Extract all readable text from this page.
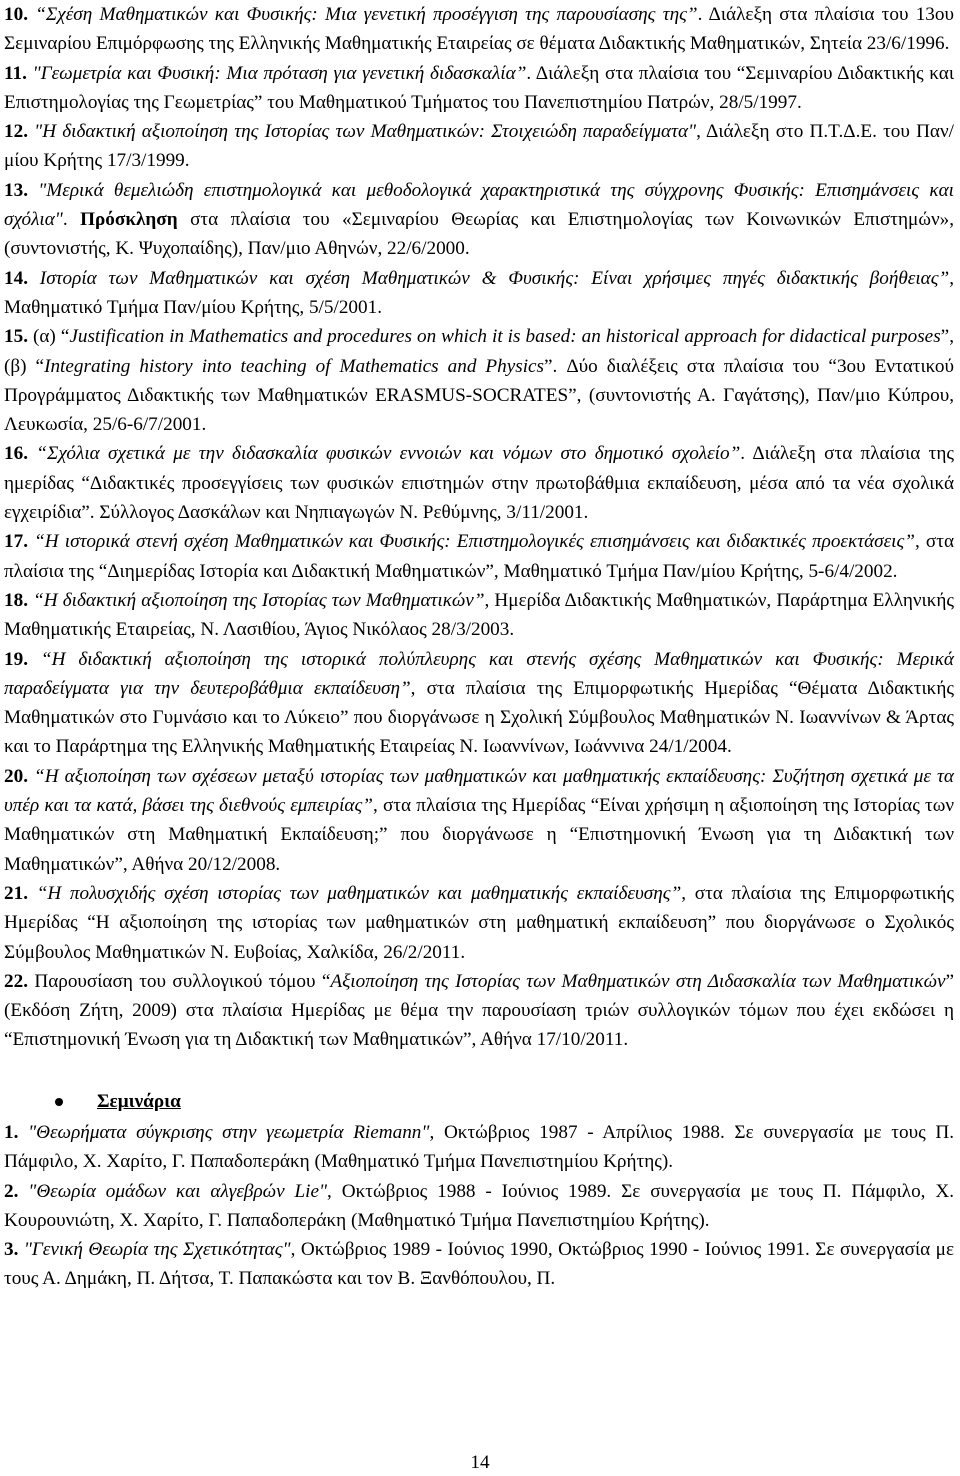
10. “Σχέση Μαθηματικών και Φυσικής: Μια γενετική προσέγγιση της παρουσίασης της”. Διάλεξη στα πλαίσια του 13ου Σεμιναρίου Επιμόρφωσης της Ελληνικής Μαθηματικής Εταιρείας σε θέματα Διδακτικής Μαθηματικών, Σητεία 23/6/1996.

11. "Γεωμετρία και Φυσική: Μια πρόταση για γενετική διδασκαλία”. Διάλεξη στα πλαίσια του “Σεμιναρίου Διδακτικής και Επιστημολογίας της Γεωμετρίας” του Μαθηματικού Τμήματος του Πανεπιστημίου Πατρών, 28/5/1997.

12. "Η διδακτική αξιοποίηση της Ιστορίας των Μαθηματικών: Στοιχειώδη παραδείγματα", Διάλεξη στο Π.Τ.Δ.Ε. του Παν/μίου Κρήτης 17/3/1999.

13. "Μερικά θεμελιώδη επιστημολογικά και μεθοδολογικά χαρακτηριστικά της σύγχρονης Φυσικής: Επισημάνσεις και σχόλια". Πρόσκληση στα πλαίσια του «Σεμιναρίου Θεωρίας και Επιστημολογίας των Κοινωνικών Επιστημών», (συντονιστής, Κ. Ψυχοπαίδης), Παν/μιο Αθηνών, 22/6/2000.

14. Ιστορία των Μαθηματικών και σχέση Μαθηματικών & Φυσικής: Είναι χρήσιμες πηγές διδακτικής βοήθειας”, Μαθηματικό Τμήμα Παν/μίου Κρήτης, 5/5/2001.

15. (α) “Justification in Mathematics and procedures on which it is based: an historical approach for didactical purposes”, (β) “Integrating history into teaching of Mathematics and Physics”. Δύο διαλέξεις στα πλαίσια του “3ου Εντατικού Προγράμματος Διδακτικής των Μαθηματικών ERASMUS-SOCRATES”, (συντονιστής Α. Γαγάτσης), Παν/μιο Κύπρου, Λευκωσία, 25/6-6/7/2001.

16. “Σχόλια σχετικά με την διδασκαλία φυσικών εννοιών και νόμων στο δημοτικό σχολείο”. Διάλεξη στα πλαίσια της ημερίδας “Διδακτικές προσεγγίσεις των φυσικών επιστημών στην πρωτοβάθμια εκπαίδευση, μέσα από τα νέα σχολικά εγχειρίδια”. Σύλλογος Δασκάλων και Νηπιαγωγών Ν. Ρεθύμνης, 3/11/2001.

17. “Η ιστορικά στενή σχέση Μαθηματικών και Φυσικής: Επιστημολογικές επισημάνσεις και διδακτικές προεκτάσεις”, στα πλαίσια της “Διημερίδας Ιστορία και Διδακτική Μαθηματικών”, Μαθηματικό Τμήμα Παν/μίου Κρήτης, 5-6/4/2002.

18. “Η διδακτική αξιοποίηση της Ιστορίας των Μαθηματικών”, Ημερίδα Διδακτικής Μαθηματικών, Παράρτημα Ελληνικής Μαθηματικής Εταιρείας, Ν. Λασιθίου, Άγιος Νικόλαος 28/3/2003.

19. “Η διδακτική αξιοποίηση της ιστορικά πολύπλευρης και στενής σχέσης Μαθηματικών και Φυσικής: Μερικά παραδείγματα για την δευτεροβάθμια εκπαίδευση”, στα πλαίσια της Επιμορφωτικής Ημερίδας “Θέματα Διδακτικής Μαθηματικών στο Γυμνάσιο και το Λύκειο” που διοργάνωσε η Σχολική Σύμβουλος Μαθηματικών Ν. Ιωαννίνων & Άρτας και το Παράρτημα της Ελληνικής Μαθηματικής Εταιρείας Ν. Ιωαννίνων, Ιωάννινα 24/1/2004.

20. “Η αξιοποίηση των σχέσεων μεταξύ ιστορίας των μαθηματικών και μαθηματικής εκπαίδευσης: Συζήτηση σχετικά με τα υπέρ και τα κατά, βάσει της διεθνούς εμπειρίας”, στα πλαίσια της Ημερίδας “Είναι χρήσιμη η αξιοποίηση της Ιστορίας των Μαθηματικών στη Μαθηματική Εκπαίδευση;” που διοργάνωσε η “Επιστημονική Ένωση για τη Διδακτική των Μαθηματικών”, Αθήνα 20/12/2008.

21. “Η πολυσχιδής σχέση ιστορίας των μαθηματικών και μαθηματικής εκπαίδευσης”, στα πλαίσια της Επιμορφωτικής Ημερίδας “Η αξιοποίηση της ιστορίας των μαθηματικών στη μαθηματική εκπαίδευση” που διοργάνωσε ο Σχολικός Σύμβουλος Μαθηματικών Ν. Ευβοίας, Χαλκίδα, 26/2/2011.

22. Παρουσίαση του συλλογικού τόμου “Αξιοποίηση της Ιστορίας των Μαθηματικών στη Διδασκαλία των Μαθηματικών” (Εκδόση Ζήτη, 2009) στα πλαίσια Ημερίδας με θέμα την παρουσίαση τριών συλλογικών τόμων που έχει εκδώσει η “Επιστημονική Ένωση για τη Διδακτική των Μαθηματικών”, Αθήνα 17/10/2011.

Σεμινάρια

1. "Θεωρήματα σύγκρισης στην γεωμετρία Riemann", Οκτώβριος 1987 - Απρίλιος 1988. Σε συνεργασία με τους Π. Πάμφιλο, Χ. Χαρίτο, Γ. Παπαδοπεράκη (Μαθηματικό Τμήμα Πανεπιστημίου Κρήτης).

2. "Θεωρία ομάδων και αλγεβρών Lie", Οκτώβριος 1988 - Ιούνιος 1989. Σε συνεργασία με τους Π. Πάμφιλο, Χ. Κουρουνιώτη, Χ. Χαρίτο, Γ. Παπαδοπεράκη (Μαθηματικό Τμήμα Πανεπιστημίου Κρήτης).

3. "Γενική Θεωρία της Σχετικότητας", Οκτώβριος 1989 - Ιούνιος 1990, Οκτώβριος 1990 - Ιούνιος 1991. Σε συνεργασία με τους Α. Δημάκη, Π. Δήτσα, Τ. Παπακώστα και τον Β. Ξανθόπουλου, Π.

14
